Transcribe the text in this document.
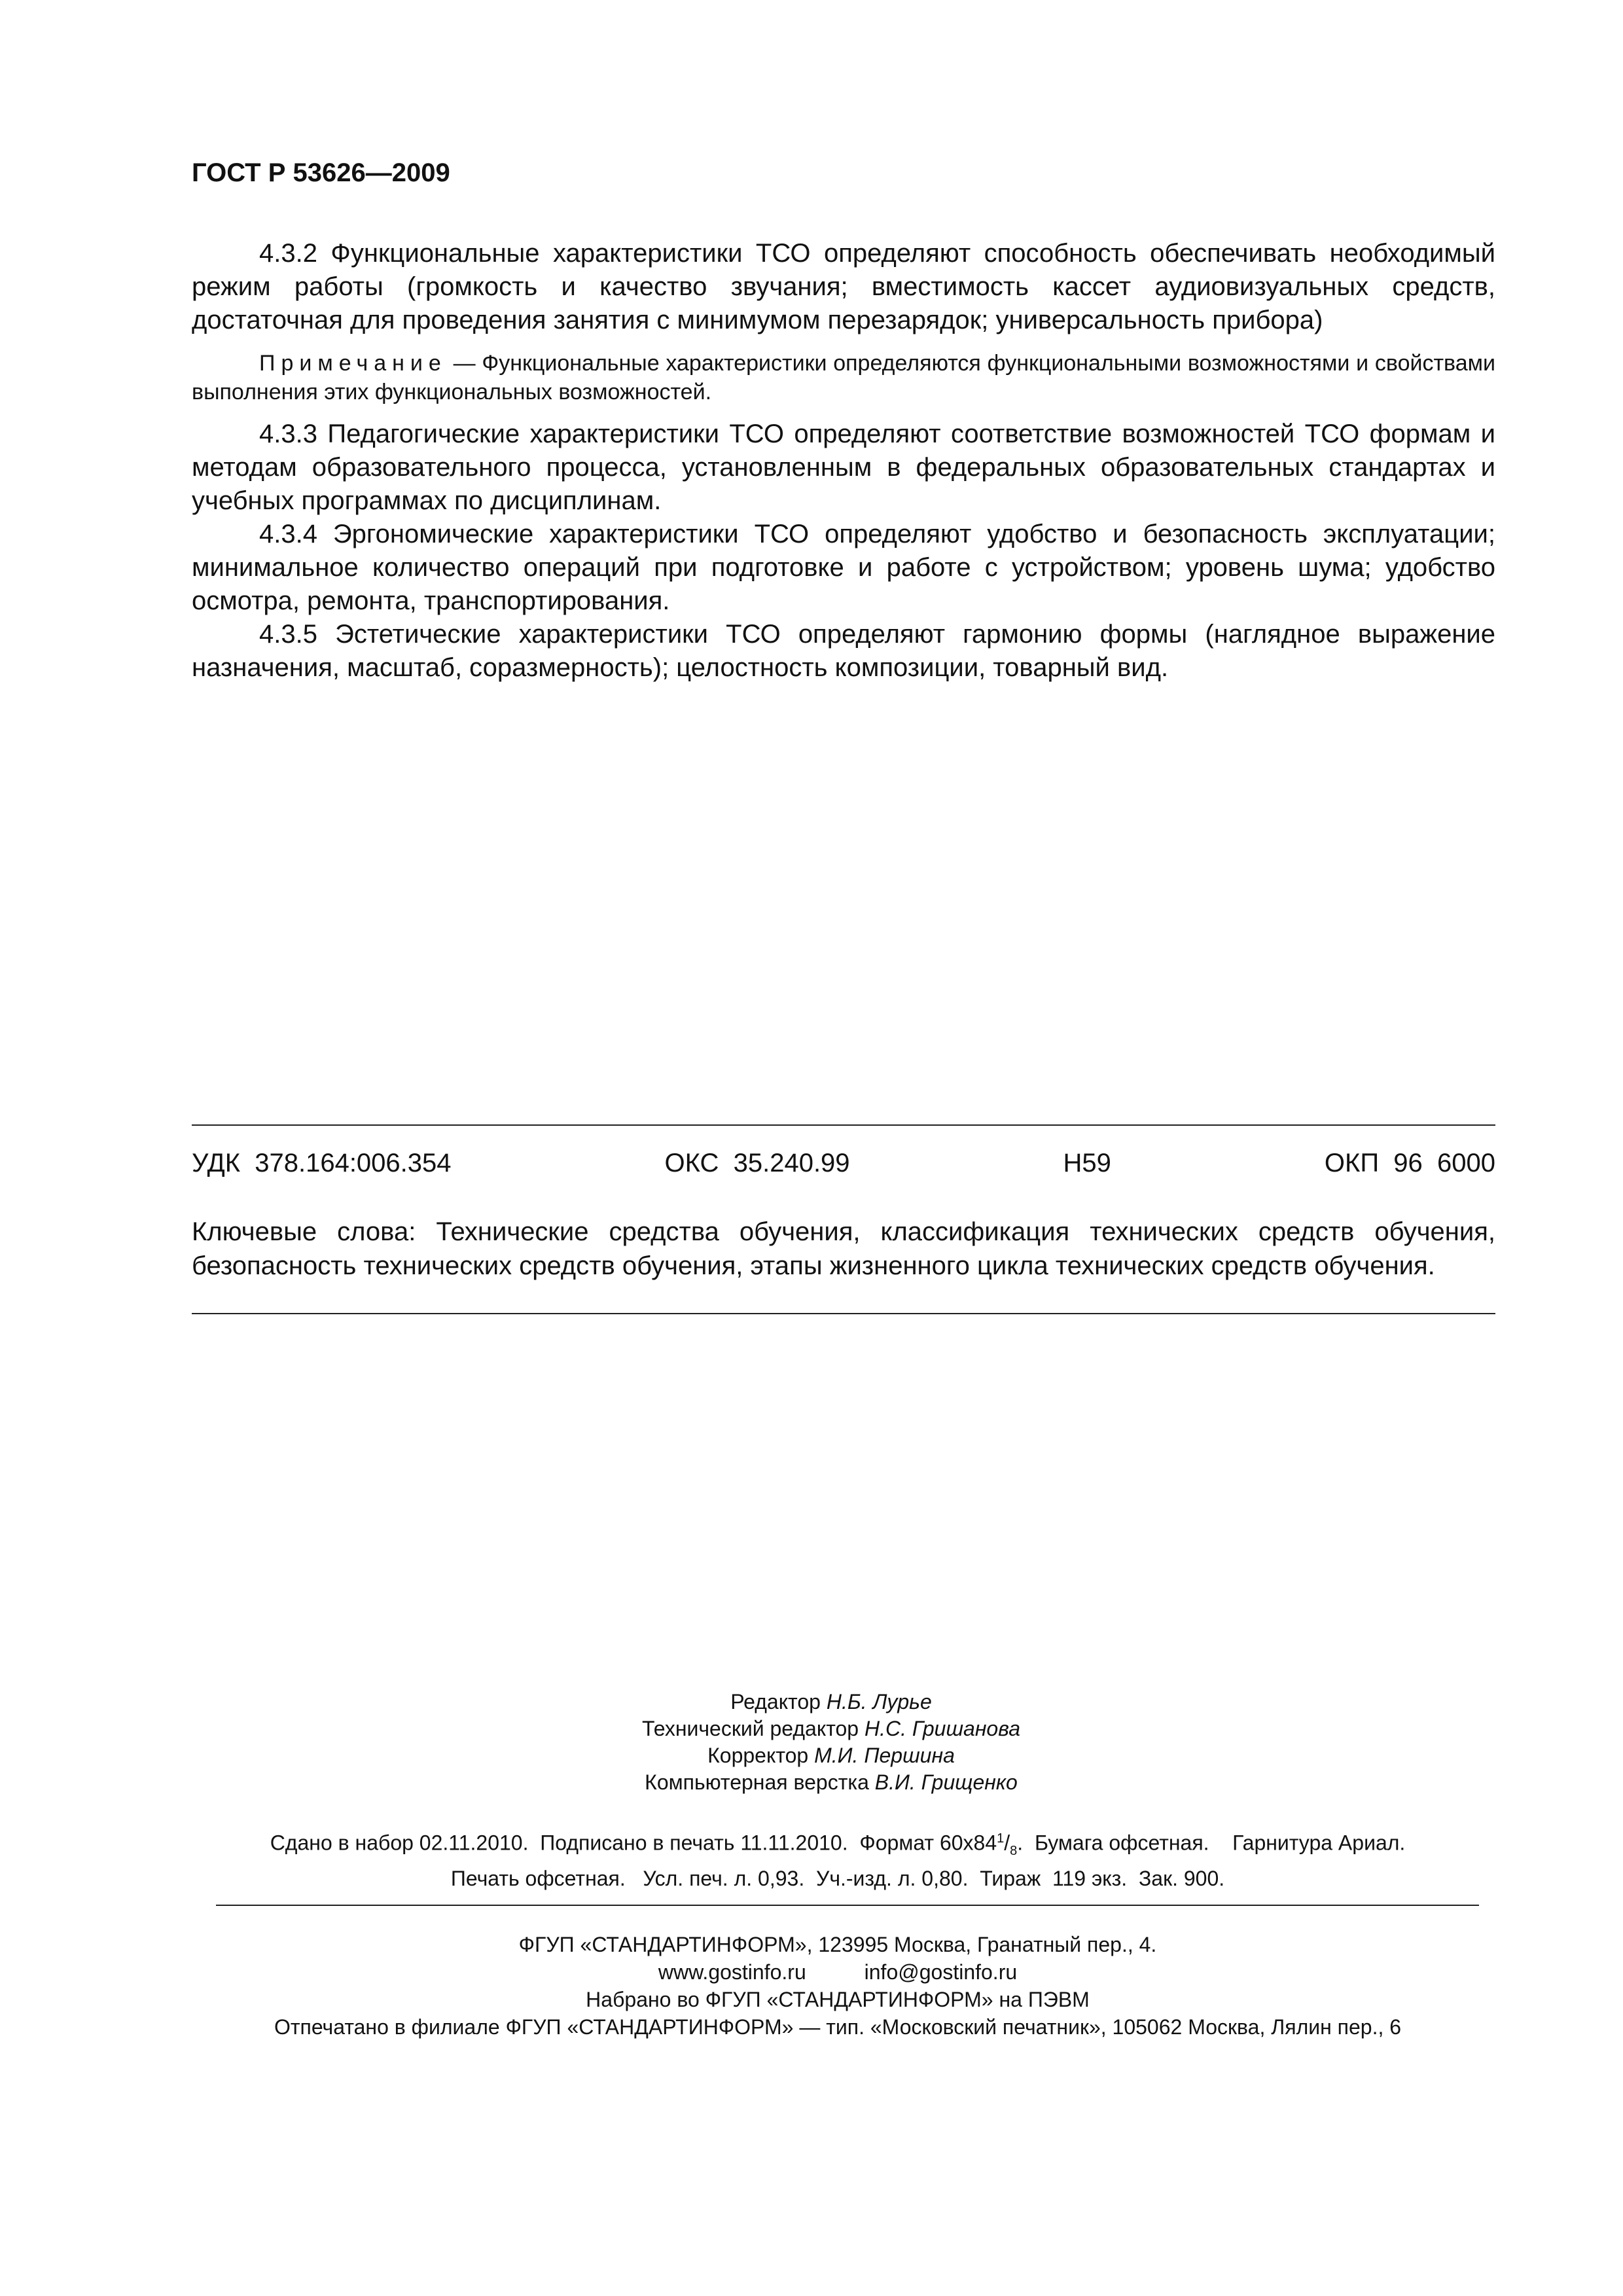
ГОСТ Р 53626—2009

4.3.2 Функциональные характеристики ТСО определяют способность обеспечивать необходимый режим работы (громкость и качество звучания; вместимость кассет аудиовизуальных средств, достаточная для проведения занятия с минимумом перезарядок; универсальность прибора)

Примечание — Функциональные характеристики определяются функциональными возможностями и свойствами выполнения этих функциональных возможностей.

4.3.3 Педагогические характеристики ТСО определяют соответствие возможностей ТСО формам и методам образовательного процесса, установленным в федеральных образовательных стандартах и учебных программах по дисциплинам.

4.3.4 Эргономические характеристики ТСО определяют удобство и безопасность эксплуатации; минимальное количество операций при подготовке и работе с устройством; уровень шума; удобство осмотра, ремонта, транспортирования.

4.3.5 Эстетические характеристики ТСО определяют гармонию формы (наглядное выражение назначения, масштаб, соразмерность); целостность композиции, товарный вид.

УДК  378.164:006.354	ОКС  35.240.99	Н59	ОКП  96  6000

Ключевые слова: Технические средства обучения, классификация технических средств обучения, безопасность технических средств обучения, этапы жизненного цикла технических средств обучения.

Редактор Н.Б. Лурье
Технический редактор Н.С. Гришанова
Корректор М.И. Першина
Компьютерная верстка В.И. Грищенко
Сдано в набор 02.11.2010.  Подписано в печать 11.11.2010.  Формат $60x84^1/_8$.  Бумага офсетная.    Гарнитура Ариал.
Печать офсетная.   Усл. печ. л. 0,93.  Уч.-изд. л. 0,80.  Тираж  119 экз.  Зак. 900.
ФГУП «СТАНДАРТИНФОРМ», 123995 Москва, Гранатный пер., 4.
www.gostinfo.ru          info@gostinfo.ru
Набрано во ФГУП «СТАНДАРТИНФОРМ» на ПЭВМ
Отпечатано в филиале ФГУП «СТАНДАРТИНФОРМ» — тип. «Московский печатник», 105062 Москва, Лялин пер., 6
